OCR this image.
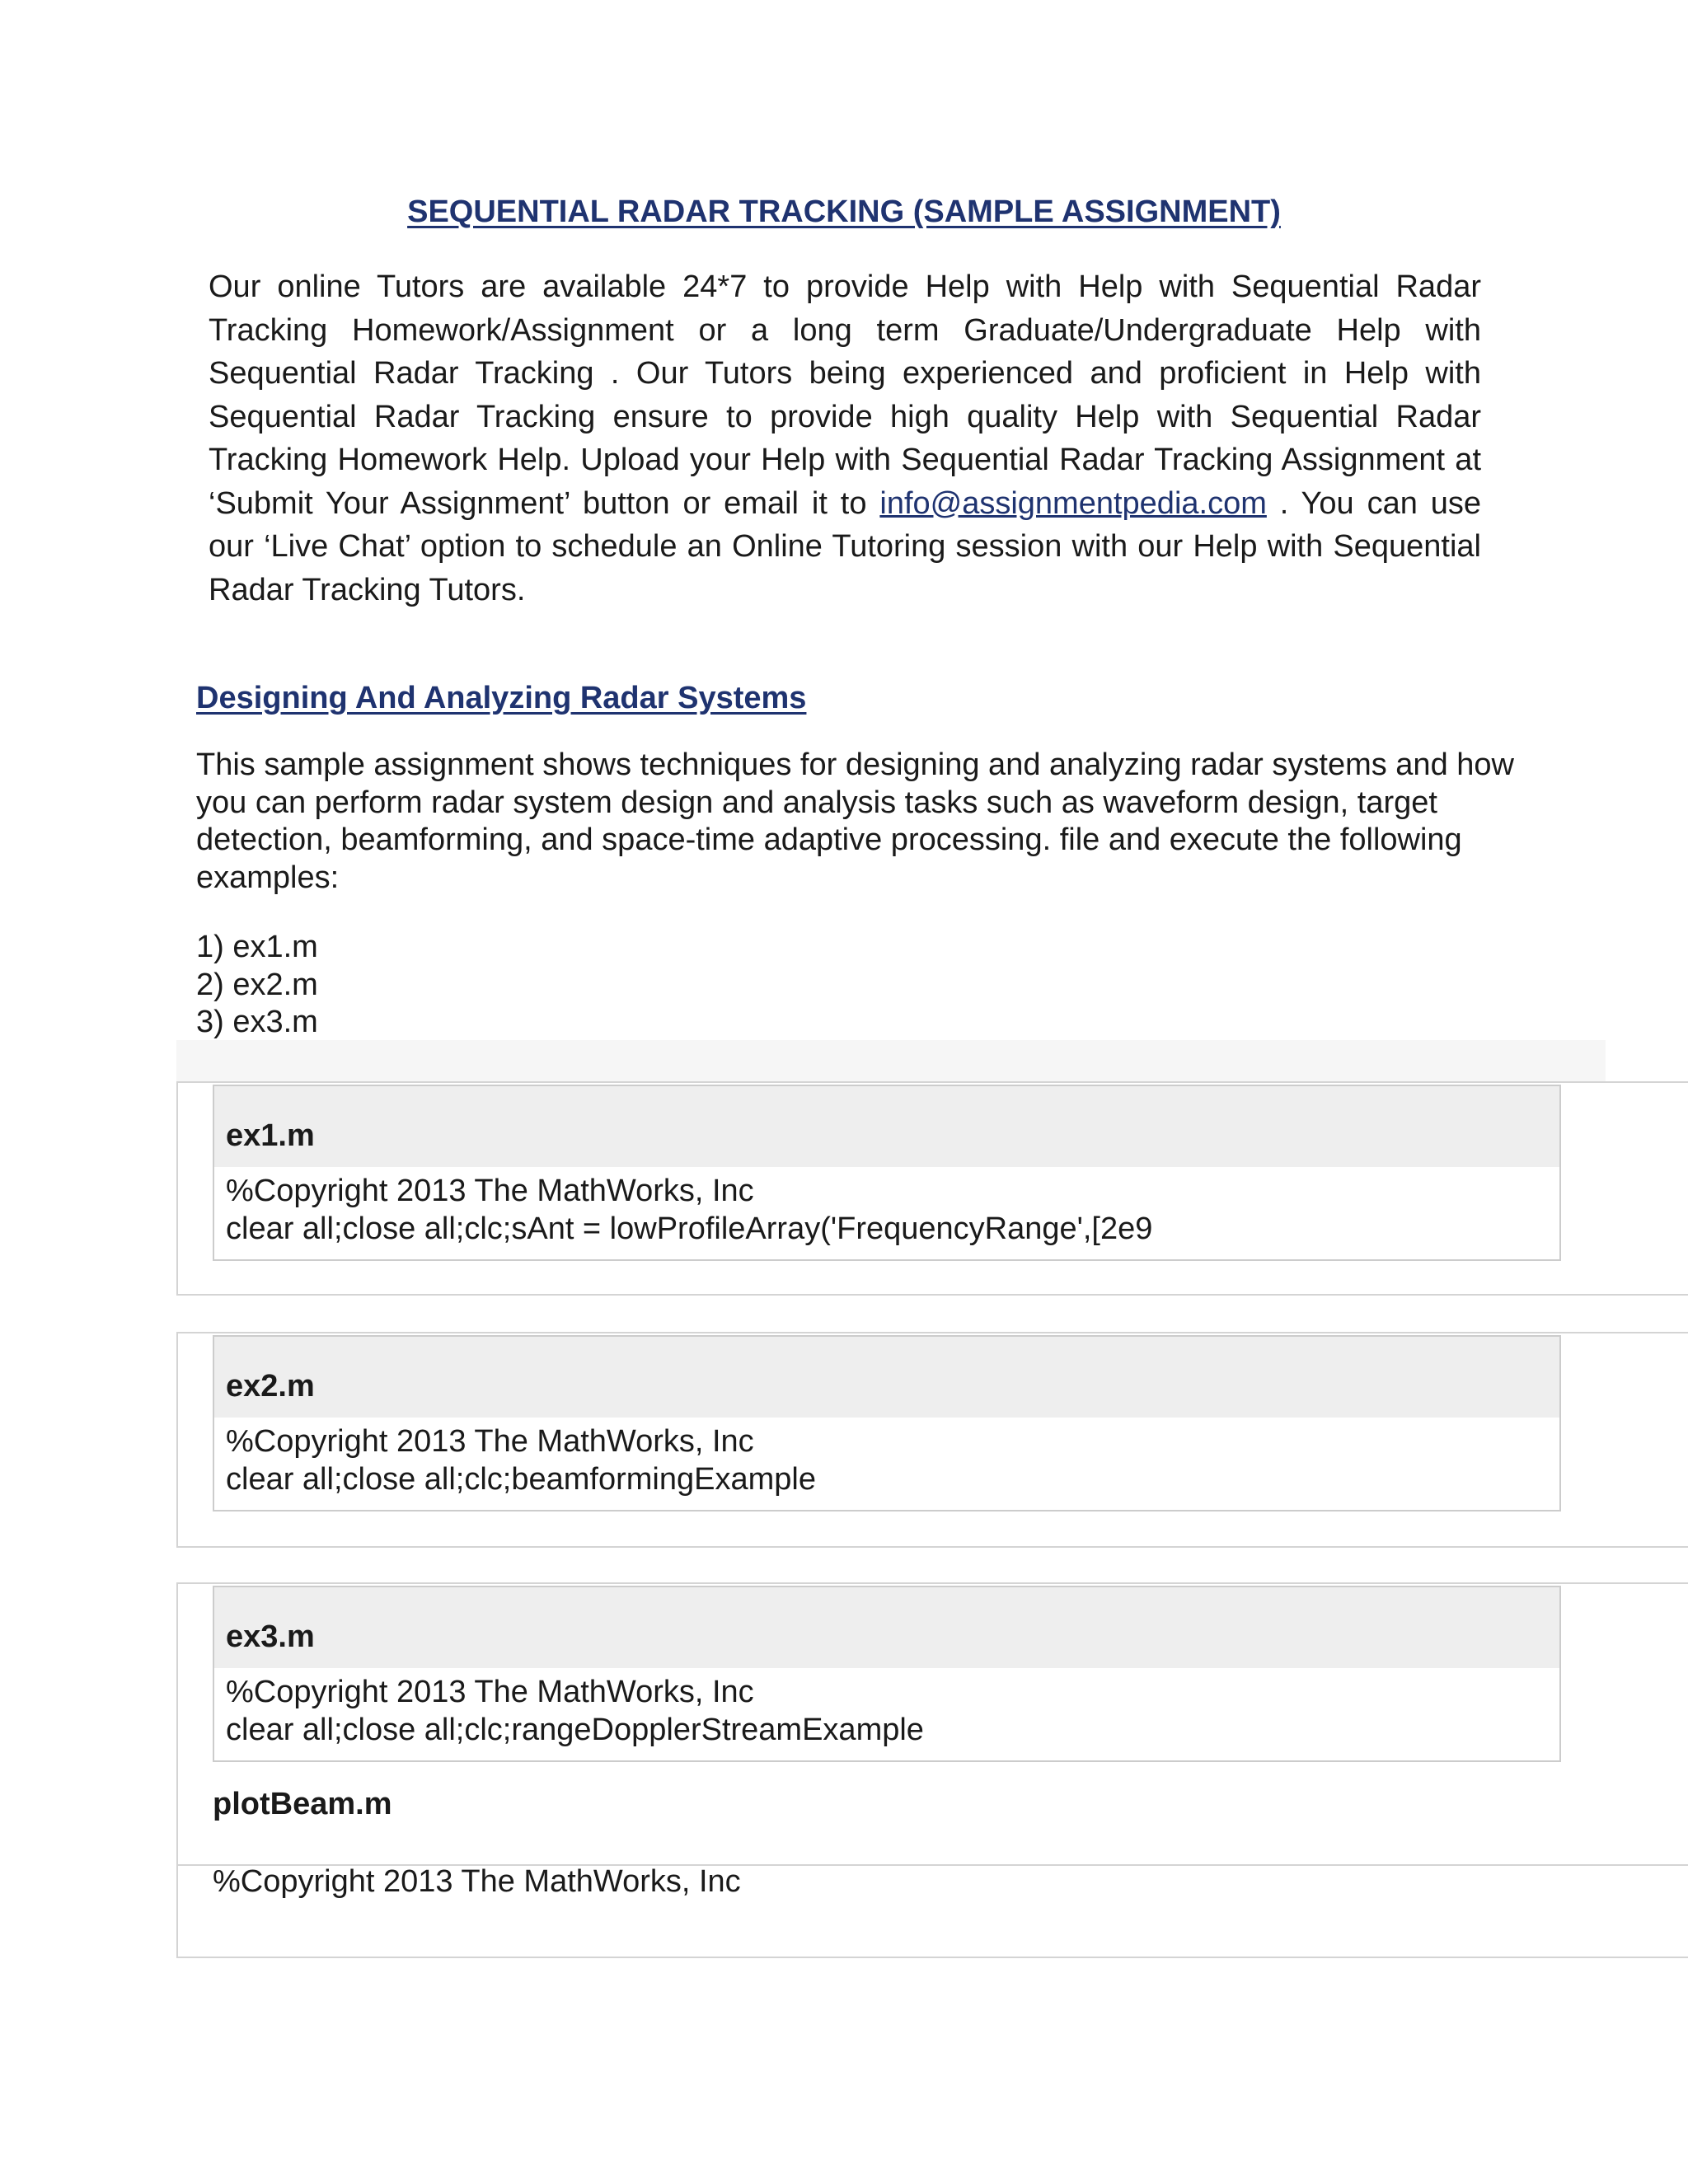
SEQUENTIAL RADAR TRACKING (SAMPLE ASSIGNMENT)

Our online Tutors are available 24*7 to provide Help with Help with Sequential Radar Tracking Homework/Assignment or a long term Graduate/Undergraduate Help with Sequential Radar Tracking . Our Tutors being experienced and proficient in Help with Sequential Radar Tracking ensure to provide high quality Help with Sequential Radar Tracking Homework Help. Upload your Help with Sequential Radar Tracking Assignment at ‘Submit Your Assignment’ button or email it to info@assignmentpedia.com . You can use our ‘Live Chat’ option to schedule an Online Tutoring session with our Help with Sequential Radar Tracking Tutors.

Designing And Analyzing Radar Systems

This sample assignment shows techniques for designing and analyzing radar systems and how you can perform radar system design and analysis tasks such as waveform design, target detection, beamforming, and space-time adaptive processing. file and execute the following examples:

1) ex1.m
2) ex2.m
3) ex3.m
ex1.m
%Copyright 2013 The MathWorks, Inc
clear all;close all;clc;sAnt = lowProfileArray('FrequencyRange',[2e9
ex2.m
%Copyright 2013 The MathWorks, Inc
clear all;close all;clc;beamformingExample
ex3.m
%Copyright 2013 The MathWorks, Inc
clear all;close all;clc;rangeDopplerStreamExample
plotBeam.m
%Copyright 2013 The MathWorks, Inc
